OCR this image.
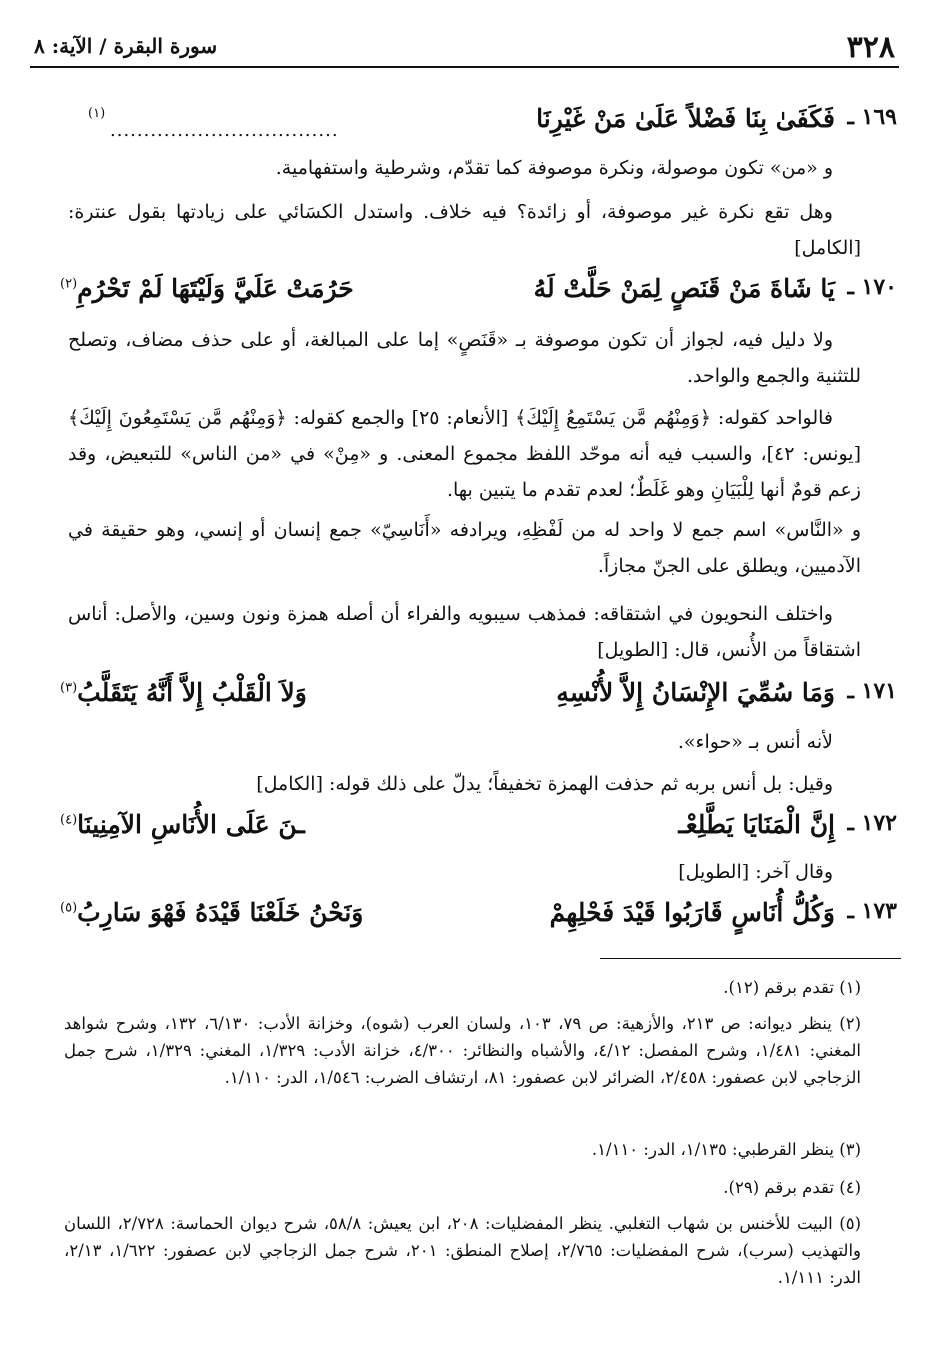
٣٢٨
سورة البقرة / الآية: ٨
١٦٩ ـ
فَكَفَىٰ بِنَا فَضْلاً عَلَىٰ مَنْ غَيْرِنَا
..................................
(١)
و «من» تكون موصولة، ونكرة موصوفة كما تقدّم، وشرطية واستفهامية.
وهل تقع نكرة غير موصوفة، أو زائدة؟ فيه خلاف. واستدل الكسَائي على زيادتها بقول عنترة: [الكامل]
١٧٠ ـ
يَا شَاةَ مَنْ قَنَصٍ لِمَنْ حَلَّتْ لَهُ
حَرُمَتْ عَلَيَّ وَلَيْتَهَا لَمْ تَحْرُمِ$^{(٢)}$
ولا دليل فيه، لجواز أن تكون موصوفة بـ «قَنَصٍ» إما على المبالغة، أو على حذف مضاف، وتصلح للتثنية والجمع والواحد.
فالواحد كقوله: ﴿وَمِنْهُم مَّن يَسْتَمِعُ إِلَيْكَ﴾ [الأنعام: ٢٥] والجمع كقوله: ﴿وَمِنْهُم مَّن يَسْتَمِعُونَ إِلَيْكَ﴾ [يونس: ٤٢]، والسبب فيه أنه موحّد اللفظ مجموع المعنى. و «مِنْ» في «من الناس» للتبعيض، وقد زعم قومٌ أنها لِلْبَيَانِ وهو غَلَطٌ؛ لعدم تقدم ما يتبين بها.
و «النَّاس» اسم جمع لا واحد له من لَفْظِهِ، ويرادفه «أَنَاسِيّ» جمع إنسان أو إنسي، وهو حقيقة في الآدميين، ويطلق على الجنّ مجازاً.
واختلف النحويون في اشتقاقه: فمذهب سيبويه والفراء أن أصله همزة ونون وسين، والأصل: أناس اشتقاقاً من الأُنس، قال: [الطويل]
١٧١ ـ
وَمَا سُمِّيَ الإِنْسَانُ إِلاَّ لأُنْسِهِ
وَلاَ الْقَلْبُ إِلاَّ أَنَّهُ يَتَقَلَّبُ$^{(٣)}$
لأنه أنس بـ «حواء».
وقيل: بل أنس بربه ثم حذفت الهمزة تخفيفاً؛ يدلّ على ذلك قوله: [الكامل]
١٧٢ ـ
إِنَّ الْمَنَايَا يَطَّلِعْـ
ـنَ عَلَى الأُنَاسِ الآمِنِينَا$^{(٤)}$
وقال آخر: [الطويل]
١٧٣ ـ
وَكُلُّ أُنَاسٍ قَارَبُوا قَيْدَ فَحْلِهِمْ
وَنَحْنُ خَلَعْنَا قَيْدَهُ فَهْوَ سَارِبُ$^{(٥)}$
(١) تقدم برقم (١٢).
(٢) ينظر ديوانه: ص ٢١٣، والأزهية: ص ٧٩، ١٠٣، ولسان العرب (شوه)، وخزانة الأدب: ٦/١٣٠، ١٣٢، وشرح شواهد المغني: ١/٤٨١، وشرح المفصل: ٤/١٢، والأشباه والنظائر: ٤/٣٠٠، خزانة الأدب: ١/٣٢٩، المغني: ١/٣٢٩، شرح جمل الزجاجي لابن عصفور: ٢/٤٥٨، الضرائر لابن عصفور: ٨١، ارتشاف الضرب: ١/٥٤٦، الدر: ١/١١٠.
(٣) ينظر القرطبي: ١/١٣٥، الدر: ١/١١٠.
(٤) تقدم برقم (٢٩).
(٥) البيت للأخنس بن شهاب التغلبي. ينظر المفضليات: ٢٠٨، ابن يعيش: ٥٨/٨، شرح ديوان الحماسة: ٢/٧٢٨، اللسان والتهذيب (سرب)، شرح المفضليات: ٢/٧٦٥، إصلاح المنطق: ٢٠١، شرح جمل الزجاجي لابن عصفور: ١/٦٢٢، ٢/١٣، الدر: ١/١١١.
